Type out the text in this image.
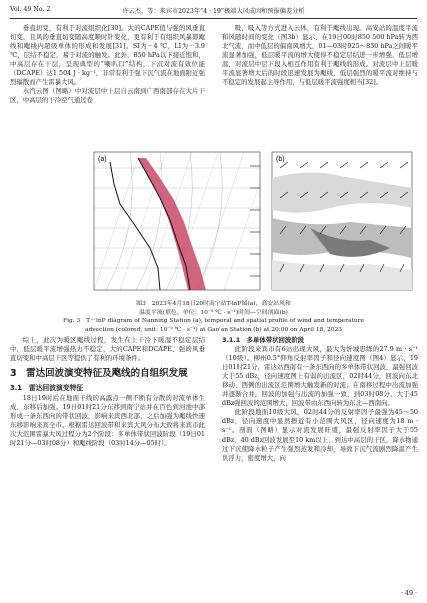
Vol. 49 No. 2	许云杰，等：来宾市2023年“4 · 19”极端大风成因和预报偏差分析

垂直切变，有利于对流组织化[30]。大的CAPE值与强的风垂直切变，且风的垂直切变随高度顺时针变化，更有利于有组织风暴即飑线和飑线内超级单体的形成和发展[31]。SI为－4 ℃，LI为－3.9 ℃，层结不稳定，易于对流的触发。此外，850 hPa以下接近饱和，中高层存在干层，呈现典型的“喇叭口”结构，下沉对流有效位能（DCAPE）达1 504 J · kg⁻¹，非常有利于强下沉气流在地面附近强烈辐散而产生雷暴大风。

水汽云图（图略）中对流层中上层自云南到广西南部存在大片干区，中高层的干冷空气通过卷

吸、吸入等方式进入云体，有利于飑线出现。高安站的温度平流和风随时间的变化（图3b）显示，在19日00时850 500 hPa转为西北气流，而中低层的偏南风增大，01—03时925～850 hPa之间暖平流显著加强，低层暖平流的增大使得不稳定层结进一步增强，低层增温，对流层中层下段入相互作用有利于飑线的形成。对流层中上层暖平流显著增大后的时段迅速发展为飑线，低层强烈的暖平流对维持与不稳定的发展起主导作用，与低层暖平流强度相当[32]。

(a)	(b)
图3　2023年4月18日20时南宁站T-lnP图(a)，高安站风和
温度平流(填色，单位：10⁻⁵ ℃ · s⁻¹)时间—空间剖面(b)
Fig. 3　T－lnP diagram of Nanning Station (a), temporal and spatial profile of wind and temperature
advection (colored, unit: 10⁻⁵ ℃ · s⁻¹) at Gao'an Station (b) at 20:00 on April 18, 2023

综上，此次为暖区飑线过程，发生在上干冷下暖湿不稳定层结中，低层暖平流增强热力不稳定，大的CAPE和DCAPE、强的风垂直切变和中高层干区等提供了有利的环境条件。

3　雷达回波演变特征及飑线的自组织发展
3.1　雷达回波演变特征

18日19时后在地面干线的高露点一侧不断有分散的对流单体生成，东移后加强。19日01时21分东移到南宁站并在百色到河池中部形成一条东西向的带状回波，影响来宾西北部，之后加强为飑线快速东移影响来宾全市。根据雷达回波带和来宾大风分布大致将来宾市此次大范围雷暴大风过程分为2个阶段：多单体带状回波阶段（19日01时21分—03时08分）和飑线阶段（03时14分—05时）。

3.1.1　多单体带状回波阶段

此阶段来宾市有6站出现大风，最大为忻城思练的27.9 m · s⁻¹（10级）。柳州0.5°仰角反射率因子和径向速度图（图4）显示，19日01时21分，雷达站西南有一条东西向的多单体带状回波，最强回波大于55 dBz，径向速度图上有弱的出流区，02时44分，回波向东北移动，西侧的出流区范围增大触发新的对流；在南移过程中出流加强并逐渐合并，回波的加强与出流的加强一致，到03时08分，大于45 dBz强回波的范围增大，回波带由东西向转为东北—西南向。

此阶段地面10级大风，02时44分的反射率因子最强为45～50 dBz，径向速度中显然擦近有小范围大风区，径向速度为18 m · s⁻¹。剖面（图略）显示对流发展旺盛，最强反射率因子大于55 dBz，40 dBz回波发展至10 km以上，到达中高层的干区，降水物通过下沉使降水粒子产生强烈蒸发和冷却，导致下沉气流剧烈降温产生负浮力，密度增大，向

· 49 ·
